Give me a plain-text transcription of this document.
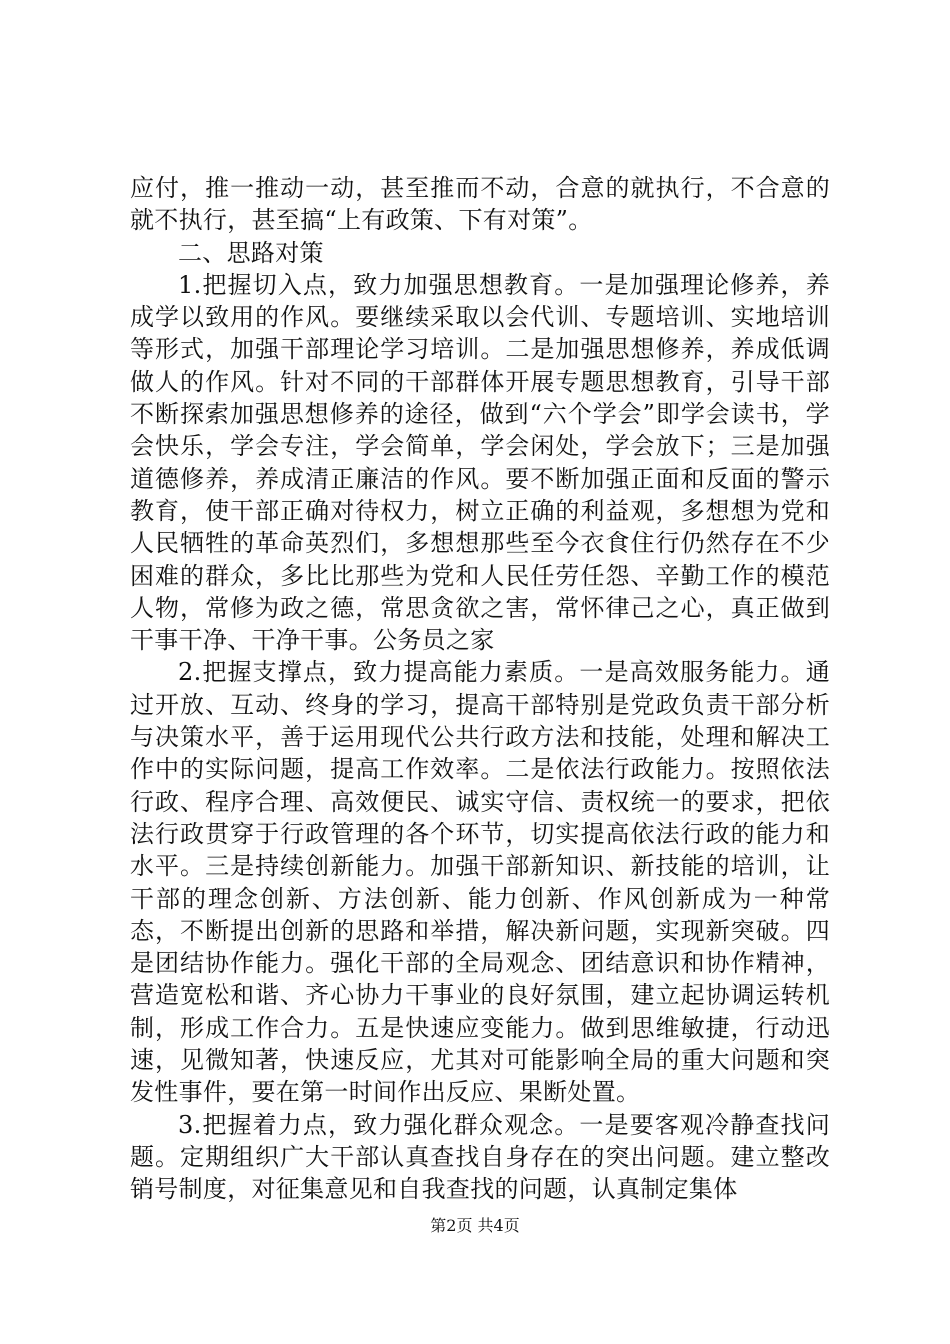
应付，推一推动一动，甚至推而不动，合意的就执行，不合意的就不执行，甚至搞“上有政策、下有对策”。

二、思路对策

1.把握切入点，致力加强思想教育。一是加强理论修养，养成学以致用的作风。要继续采取以会代训、专题培训、实地培训等形式，加强干部理论学习培训。二是加强思想修养，养成低调做人的作风。针对不同的干部群体开展专题思想教育，引导干部不断探索加强思想修养的途径，做到“六个学会”即学会读书，学会快乐，学会专注，学会简单，学会闲处，学会放下；三是加强道德修养，养成清正廉洁的作风。要不断加强正面和反面的警示教育，使干部正确对待权力，树立正确的利益观，多想想为党和人民牺牲的革命英烈们，多想想那些至今衣食住行仍然存在不少困难的群众，多比比那些为党和人民任劳任怨、辛勤工作的模范人物，常修为政之德，常思贪欲之害，常怀律己之心，真正做到干事干净、干净干事。公务员之家

2.把握支撑点，致力提高能力素质。一是高效服务能力。通过开放、互动、终身的学习，提高干部特别是党政负责干部分析与决策水平，善于运用现代公共行政方法和技能，处理和解决工作中的实际问题，提高工作效率。二是依法行政能力。按照依法行政、程序合理、高效便民、诚实守信、责权统一的要求，把依法行政贯穿于行政管理的各个环节，切实提高依法行政的能力和水平。三是持续创新能力。加强干部新知识、新技能的培训，让干部的理念创新、方法创新、能力创新、作风创新成为一种常态，不断提出创新的思路和举措，解决新问题，实现新突破。四是团结协作能力。强化干部的全局观念、团结意识和协作精神，营造宽松和谐、齐心协力干事业的良好氛围，建立起协调运转机制，形成工作合力。五是快速应变能力。做到思维敏捷，行动迅速，见微知著，快速反应，尤其对可能影响全局的重大问题和突发性事件，要在第一时间作出反应、果断处置。

3.把握着力点，致力强化群众观念。一是要客观冷静查找问题。定期组织广大干部认真查找自身存在的突出问题。建立整改销号制度，对征集意见和自我查找的问题，认真制定集体

第2页 共4页
